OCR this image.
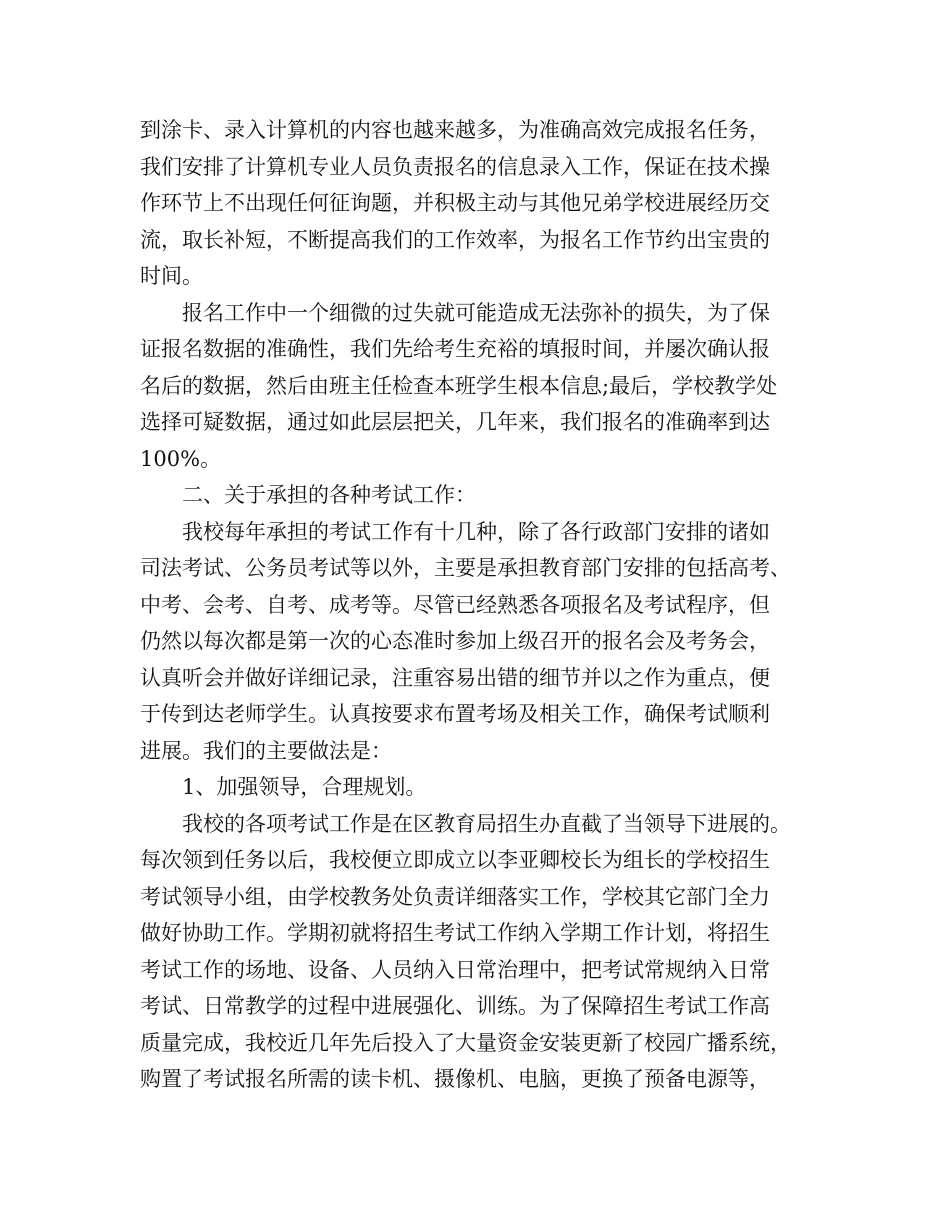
到涂卡、录入计算机的内容也越来越多，为准确高效完成报名任务，
我们安排了计算机专业人员负责报名的信息录入工作，保证在技术操
作环节上不出现任何征询题，并积极主动与其他兄弟学校进展经历交
流，取长补短，不断提高我们的工作效率，为报名工作节约出宝贵的
时间。
报名工作中一个细微的过失就可能造成无法弥补的损失，为了保
证报名数据的准确性，我们先给考生充裕的填报时间，并屡次确认报
名后的数据，然后由班主任检查本班学生根本信息;最后，学校教学处
选择可疑数据，通过如此层层把关，几年来，我们报名的准确率到达
100%。
二、关于承担的各种考试工作：
我校每年承担的考试工作有十几种，除了各行政部门安排的诸如
司法考试、公务员考试等以外，主要是承担教育部门安排的包括高考、
中考、会考、自考、成考等。尽管已经熟悉各项报名及考试程序，但
仍然以每次都是第一次的心态准时参加上级召开的报名会及考务会，
认真听会并做好详细记录，注重容易出错的细节并以之作为重点，便
于传到达老师学生。认真按要求布置考场及相关工作，确保考试顺利
进展。我们的主要做法是：
1、加强领导，合理规划。
我校的各项考试工作是在区教育局招生办直截了当领导下进展的。
每次领到任务以后，我校便立即成立以李亚卿校长为组长的学校招生
考试领导小组，由学校教务处负责详细落实工作，学校其它部门全力
做好协助工作。学期初就将招生考试工作纳入学期工作计划，将招生
考试工作的场地、设备、人员纳入日常治理中，把考试常规纳入日常
考试、日常教学的过程中进展强化、训练。为了保障招生考试工作高
质量完成，我校近几年先后投入了大量资金安装更新了校园广播系统，
购置了考试报名所需的读卡机、摄像机、电脑，更换了预备电源等，
